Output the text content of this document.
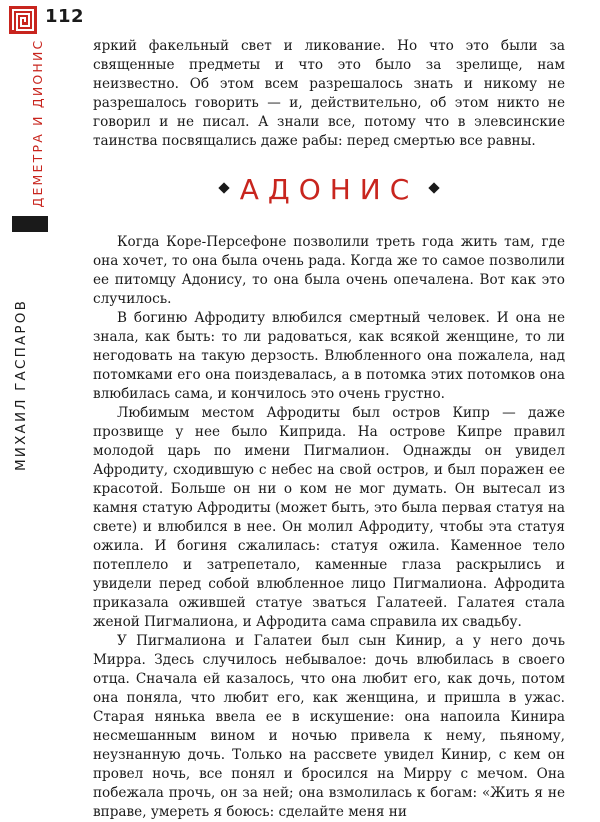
112
ДЕМЕТРА И ДИОНИС
МИХАИЛ ГАСПАРОВ

яркий факельный свет и ликование. Но что это были за священные предметы и что это было за зрелище, нам неизвестно. Об этом всем разрешалось знать и никому не разрешалось говорить — и, действительно, об этом никто не говорил и не писал. А знали все, потому что в элевсинские таинства посвящались даже рабы: перед смертью все равны.

АДОНИС

Когда Коре-Персефоне позволили треть года жить там, где она хочет, то она была очень рада. Когда же то самое позволили ее питомцу Адонису, то она была очень опечалена. Вот как это случилось.

В богиню Афродиту влюбился смертный человек. И она не знала, как быть: то ли радоваться, как всякой женщине, то ли негодовать на такую дерзость. Влюбленного она пожалела, над потомками его она поиздевалась, а в потомка этих потомков она влюбилась сама, и кончилось это очень грустно.

Любимым местом Афродиты был остров Кипр — даже прозвище у нее было Киприда. На острове Кипре правил молодой царь по имени Пигмалион. Однажды он увидел Афродиту, сходившую с небес на свой остров, и был поражен ее красотой. Больше он ни о ком не мог думать. Он вытесал из камня статую Афродиты (может быть, это была первая статуя на свете) и влюбился в нее. Он молил Афродиту, чтобы эта статуя ожила. И богиня сжалилась: статуя ожила. Каменное тело потеплело и затрепетало, каменные глаза раскрылись и увидели перед собой влюбленное лицо Пигмалиона. Афродита приказала ожившей статуе зваться Галатеей. Галатея стала женой Пигмалиона, и Афродита сама справила их свадьбу.

У Пигмалиона и Галатеи был сын Кинир, а у него дочь Мирра. Здесь случилось небывалое: дочь влюбилась в своего отца. Сначала ей казалось, что она любит его, как дочь, потом она поняла, что любит его, как женщина, и пришла в ужас. Старая нянька ввела ее в искушение: она напоила Кинира несмешанным вином и ночью привела к нему, пьяному, неузнанную дочь. Только на рассвете увидел Кинир, с кем он провел ночь, все понял и бросился на Мирру с мечом. Она побежала прочь, он за ней; она взмолилась к богам: «Жить я не вправе, умереть я боюсь: сделайте меня ни
